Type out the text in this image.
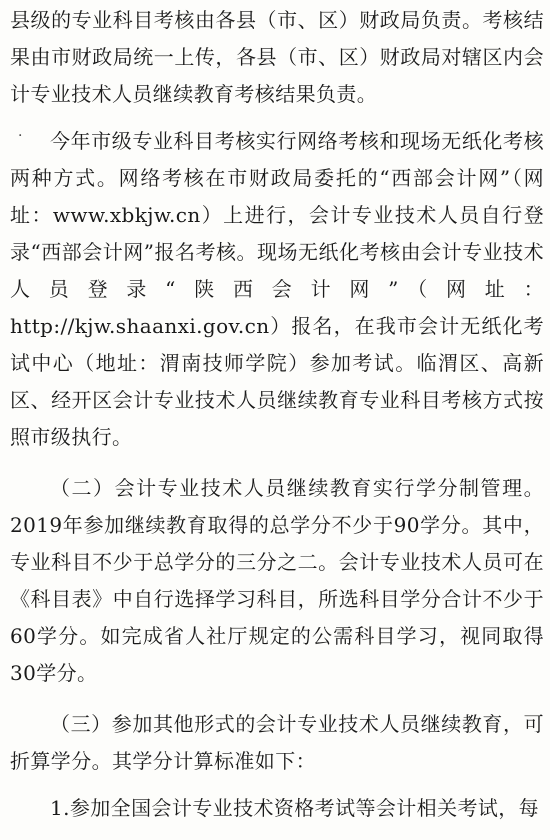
·

县级的专业科目考核由各县（市、区）财政局负责。考核结果由市财政局统一上传，各县（市、区）财政局对辖区内会计专业技术人员继续教育考核结果负责。

今年市级专业科目考核实行网络考核和现场无纸化考核两种方式。网络考核在市财政局委托的“西部会计网”（网址：www.xbkjw.cn）上进行，会计专业技术人员自行登录“西部会计网”报名考核。现场无纸化考核由会计专业技术人员登录“陕西会计网”（网址：http://kjw.shaanxi.gov.cn）报名，在我市会计无纸化考试中心（地址：渭南技师学院）参加考试。临渭区、高新区、经开区会计专业技术人员继续教育专业科目考核方式按照市级执行。

（二）会计专业技术人员继续教育实行学分制管理。2019年参加继续教育取得的总学分不少于90学分。其中，专业科目不少于总学分的三分之二。会计专业技术人员可在《科目表》中自行选择学习科目，所选科目学分合计不少于60学分。如完成省人社厅规定的公需科目学习，视同取得30学分。

（三）参加其他形式的会计专业技术人员继续教育，可折算学分。其学分计算标准如下：

1.参加全国会计专业技术资格考试等会计相关考试，每
